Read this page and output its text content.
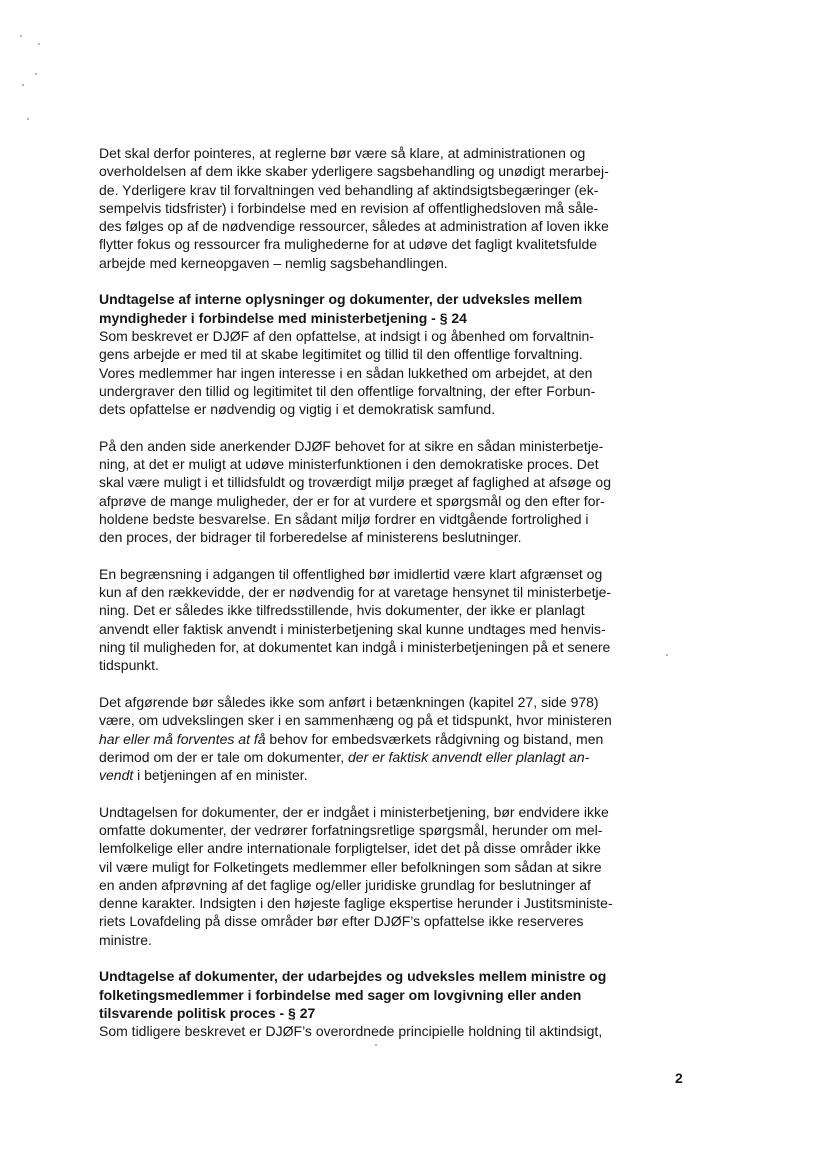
Det skal derfor pointeres, at reglerne bør være så klare, at administrationen og
overholdelsen af dem ikke skaber yderligere sagsbehandling og unødigt merarbej-
de. Yderligere krav til forvaltningen ved behandling af aktindsigtsbegæringer (ek-
sempelvis tidsfrister) i forbindelse med en revision af offentlighedsloven må såle-
des følges op af de nødvendige ressourcer, således at administration af loven ikke
flytter fokus og ressourcer fra mulighederne for at udøve det fagligt kvalitetsfulde
arbejde med kerneopgaven – nemlig sagsbehandlingen.
Undtagelse af interne oplysninger og dokumenter, der udveksles mellem
myndigheder i forbindelse med ministerbetjening - § 24
Som beskrevet er DJØF af den opfattelse, at indsigt i og åbenhed om forvaltnin-
gens arbejde er med til at skabe legitimitet og tillid til den offentlige forvaltning.
Vores medlemmer har ingen interesse i en sådan lukkethed om arbejdet, at den
undergraver den tillid og legitimitet til den offentlige forvaltning, der efter Forbun-
dets opfattelse er nødvendig og vigtig i et demokratisk samfund.
På den anden side anerkender DJØF behovet for at sikre en sådan ministerbetje-
ning, at det er muligt at udøve ministerfunktionen i den demokratiske proces. Det
skal være muligt i et tillidsfuldt og troværdigt miljø præget af faglighed at afsøge og
afprøve de mange muligheder, der er for at vurdere et spørgsmål og den efter for-
holdene bedste besvarelse. En sådant miljø fordrer en vidtgående fortrolighed i
den proces, der bidrager til forberedelse af ministerens beslutninger.
En begrænsning i adgangen til offentlighed bør imidlertid være klart afgrænset og
kun af den rækkevidde, der er nødvendig for at varetage hensynet til ministerbetje-
ning. Det er således ikke tilfredsstillende, hvis dokumenter, der ikke er planlagt
anvendt eller faktisk anvendt i ministerbetjening skal kunne undtages med henvis-
ning til muligheden for, at dokumentet kan indgå i ministerbetjeningen på et senere
tidspunkt.
Det afgørende bør således ikke som anført i betænkningen (kapitel 27, side 978)
være, om udvekslingen sker i en sammenhæng og på et tidspunkt, hvor ministeren
har eller må forventes at få behov for embedsværkets rådgivning og bistand, men
derimod om der er tale om dokumenter, der er faktisk anvendt eller planlagt an-
vendt i betjeningen af en minister.
Undtagelsen for dokumenter, der er indgået i ministerbetjening, bør endvidere ikke
omfatte dokumenter, der vedrører forfatningsretlige spørgsmål, herunder om mel-
lemfolkelige eller andre internationale forpligtelser, idet det på disse områder ikke
vil være muligt for Folketingets medlemmer eller befolkningen som sådan at sikre
en anden afprøvning af det faglige og/eller juridiske grundlag for beslutninger af
denne karakter. Indsigten i den højeste faglige ekspertise herunder i Justitsministe-
riets Lovafdeling på disse områder bør efter DJØF’s opfattelse ikke reserveres
ministre.
Undtagelse af dokumenter, der udarbejdes og udveksles mellem ministre og
folketingsmedlemmer i forbindelse med sager om lovgivning eller anden
tilsvarende politisk proces - § 27
Som tidligere beskrevet er DJØF’s overordnede principielle holdning til aktindsigt,
2
